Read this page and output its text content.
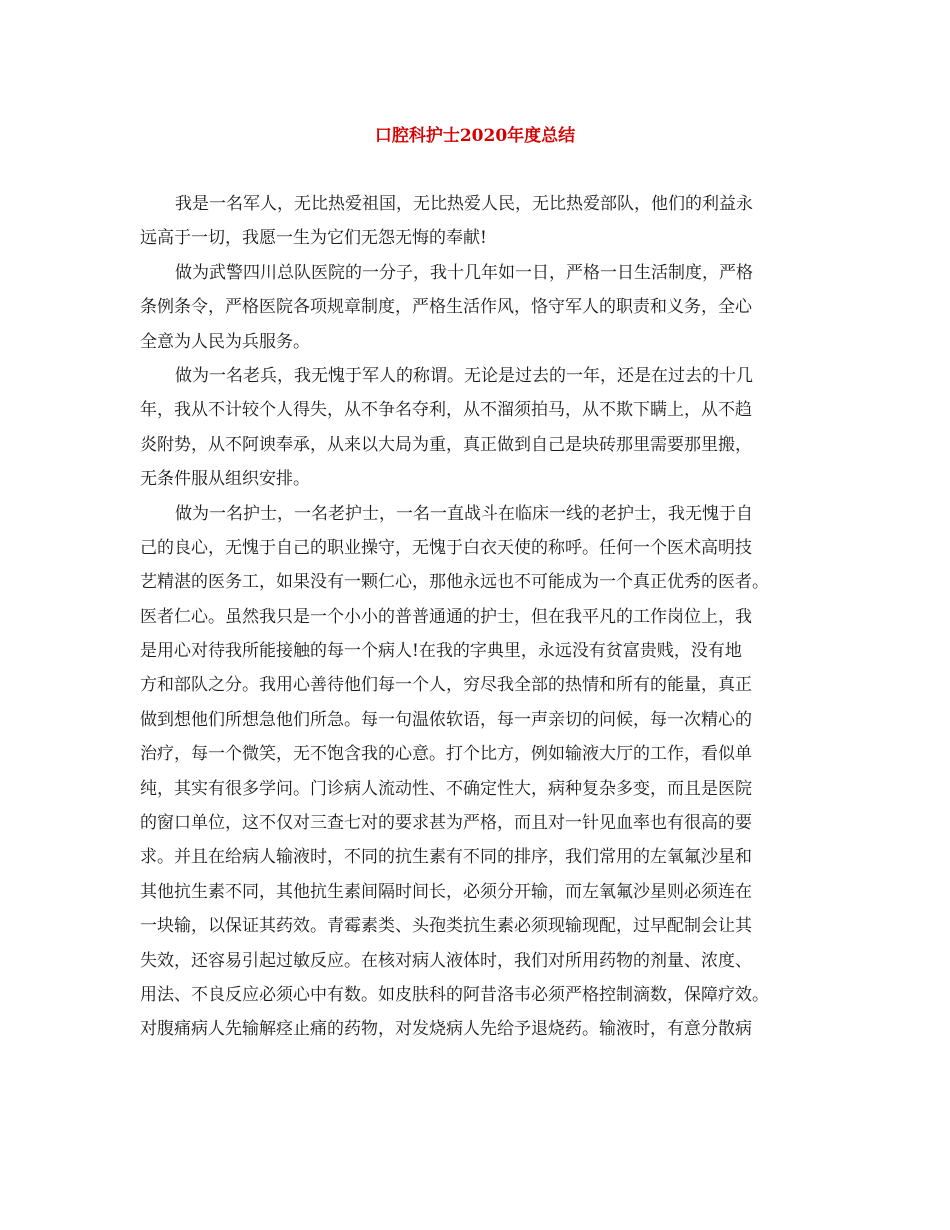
口腔科护士2020年度总结
我是一名军人，无比热爱祖国，无比热爱人民，无比热爱部队，他们的利益永
远高于一切，我愿一生为它们无怨无悔的奉献!
做为武警四川总队医院的一分子，我十几年如一日，严格一日生活制度，严格
条例条令，严格医院各项规章制度，严格生活作风，恪守军人的职责和义务，全心
全意为人民为兵服务。
做为一名老兵，我无愧于军人的称谓。无论是过去的一年，还是在过去的十几
年，我从不计较个人得失，从不争名夺利，从不溜须拍马，从不欺下瞒上，从不趋
炎附势，从不阿谀奉承，从来以大局为重，真正做到自己是块砖那里需要那里搬，
无条件服从组织安排。
做为一名护士，一名老护士，一名一直战斗在临床一线的老护士，我无愧于自
己的良心，无愧于自己的职业操守，无愧于白衣天使的称呼。任何一个医术高明技
艺精湛的医务工，如果没有一颗仁心，那他永远也不可能成为一个真正优秀的医者。
医者仁心。虽然我只是一个小小的普普通通的护士，但在我平凡的工作岗位上，我
是用心对待我所能接触的每一个病人!在我的字典里，永远没有贫富贵贱，没有地
方和部队之分。我用心善待他们每一个人，穷尽我全部的热情和所有的能量，真正
做到想他们所想急他们所急。每一句温侬软语，每一声亲切的问候，每一次精心的
治疗，每一个微笑，无不饱含我的心意。打个比方，例如输液大厅的工作，看似单
纯，其实有很多学问。门诊病人流动性、不确定性大，病种复杂多变，而且是医院
的窗口单位，这不仅对三查七对的要求甚为严格，而且对一针见血率也有很高的要
求。并且在给病人输液时，不同的抗生素有不同的排序，我们常用的左氧氟沙星和
其他抗生素不同，其他抗生素间隔时间长，必须分开输，而左氧氟沙星则必须连在
一块输，以保证其药效。青霉素类、头孢类抗生素必须现输现配，过早配制会让其
失效，还容易引起过敏反应。在核对病人液体时，我们对所用药物的剂量、浓度、
用法、不良反应必须心中有数。如皮肤科的阿昔洛韦必须严格控制滴数，保障疗效。
对腹痛病人先输解痉止痛的药物，对发烧病人先给予退烧药。输液时，有意分散病
